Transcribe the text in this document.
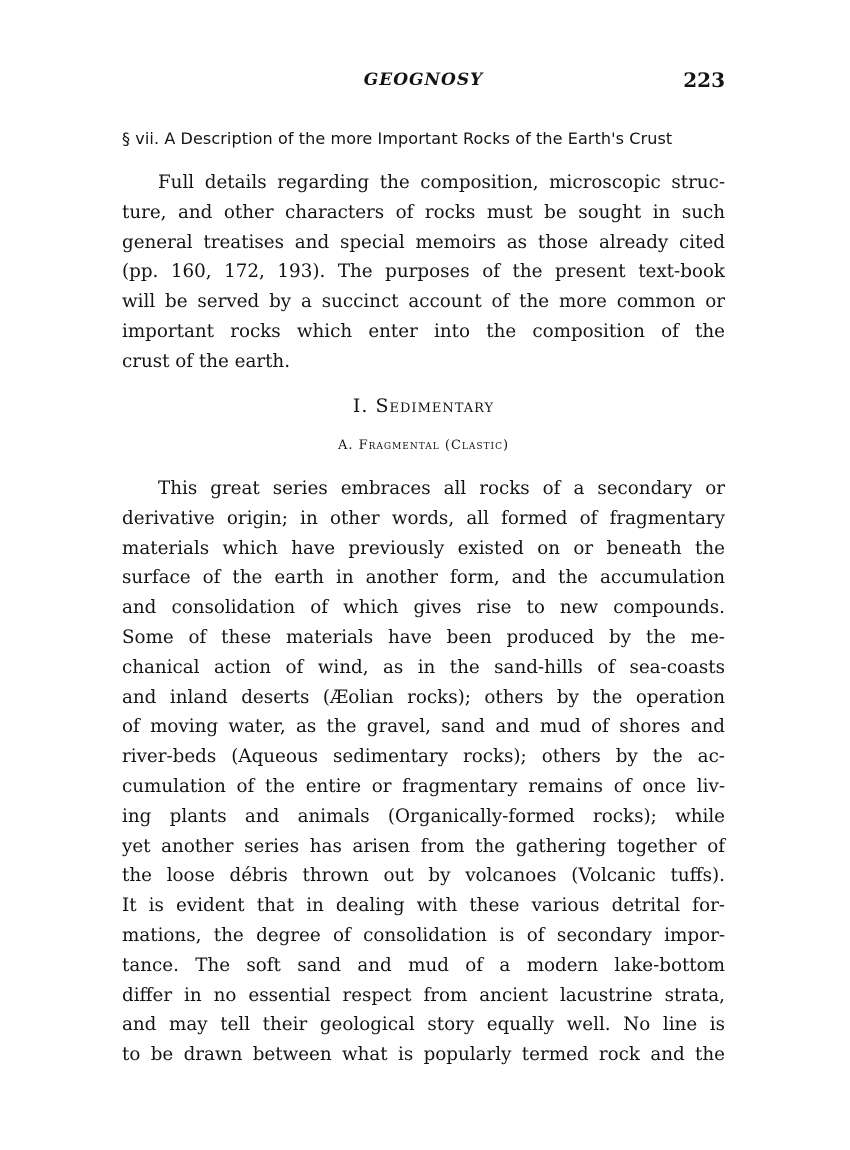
GEOGNOSY	223
§ vii. A Description of the more Important Rocks of the Earth's Crust
Full details regarding the composition, microscopic struc-
ture, and other characters of rocks must be sought in such
general treatises and special memoirs as those already cited
(pp. 160, 172, 193). The purposes of the present text-book
will be served by a succinct account of the more common or
important rocks which enter into the composition of the
crust of the earth.
I. Sedimentary
A. Fragmental (Clastic)
This great series embraces all rocks of a secondary or
derivative origin; in other words, all formed of fragmentary
materials which have previously existed on or beneath the
surface of the earth in another form, and the accumulation
and consolidation of which gives rise to new compounds.
Some of these materials have been produced by the me-
chanical action of wind, as in the sand-hills of sea-coasts
and inland deserts (Æolian rocks); others by the operation
of moving water, as the gravel, sand and mud of shores and
river-beds (Aqueous sedimentary rocks); others by the ac-
cumulation of the entire or fragmentary remains of once liv-
ing plants and animals (Organically-formed rocks); while
yet another series has arisen from the gathering together of
the loose débris thrown out by volcanoes (Volcanic tuffs).
It is evident that in dealing with these various detrital for-
mations, the degree of consolidation is of secondary impor-
tance. The soft sand and mud of a modern lake-bottom
differ in no essential respect from ancient lacustrine strata,
and may tell their geological story equally well. No line is
to be drawn between what is popularly termed rock and the
